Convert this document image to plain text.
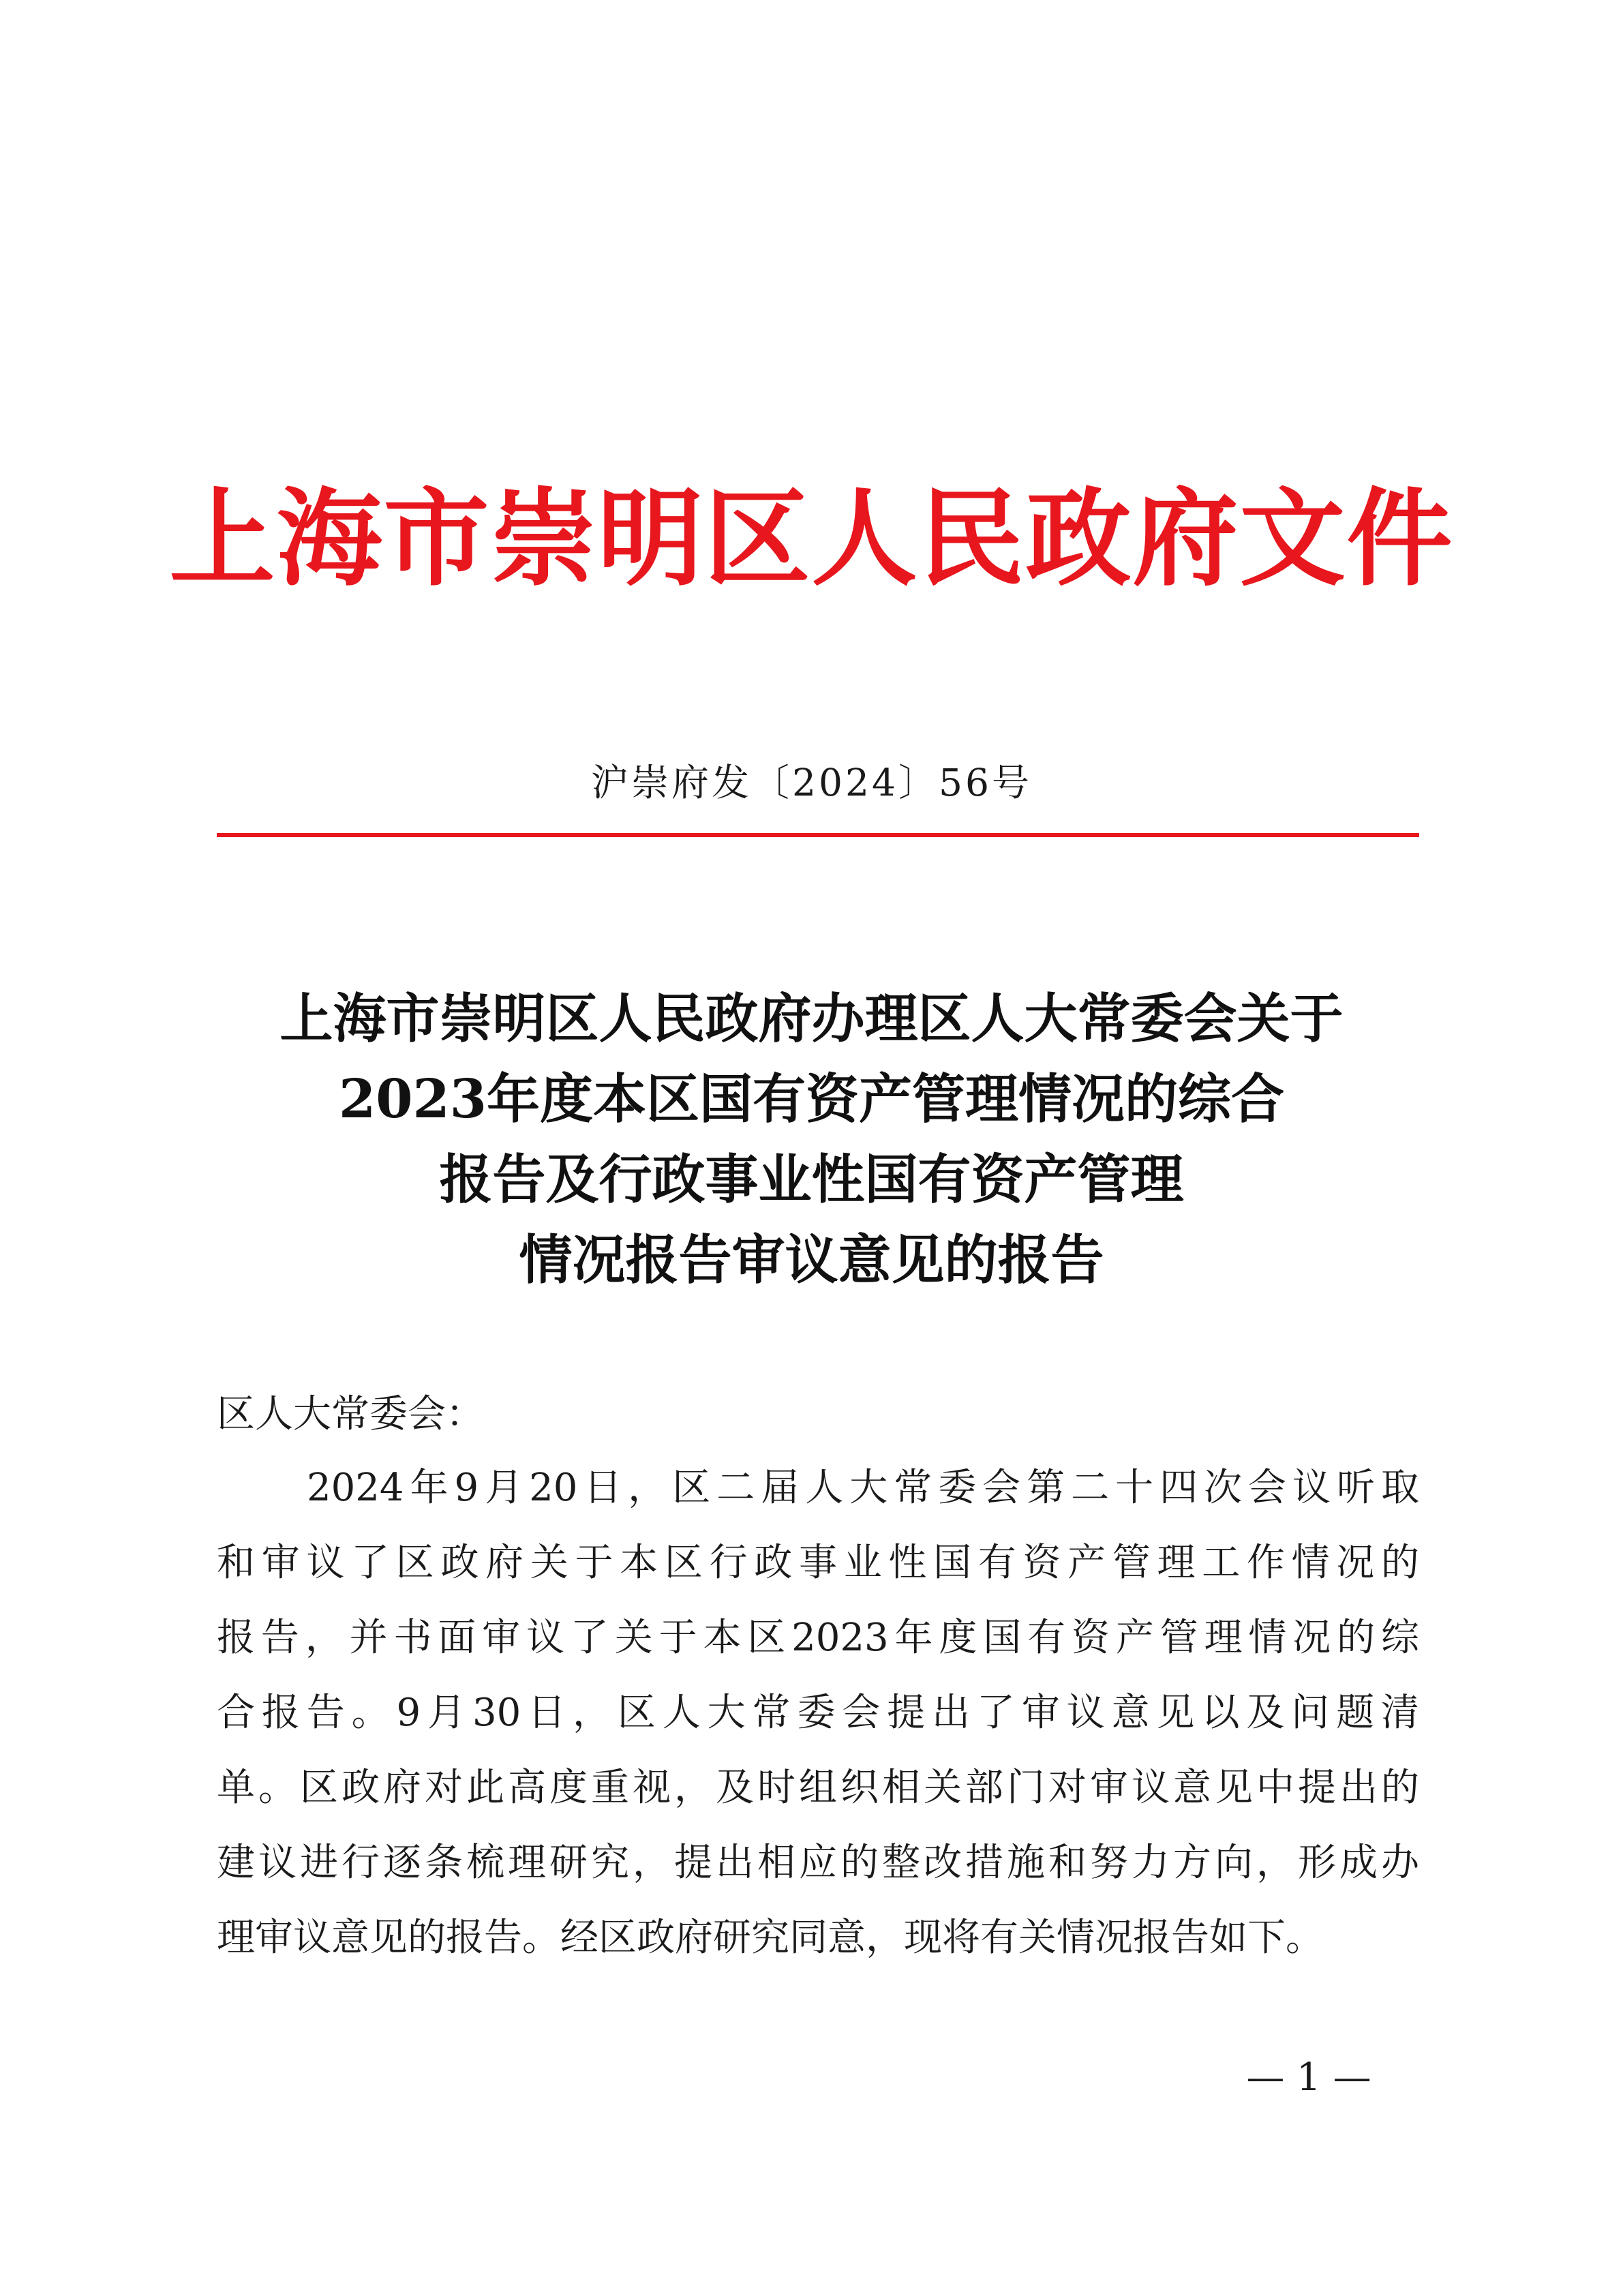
上海市崇明区人民政府文件
沪崇府发〔2024〕56号
上海市崇明区人民政府办理区人大常委会关于
2023年度本区国有资产管理情况的综合
报告及行政事业性国有资产管理
情况报告审议意见的报告
区人大常委会：
2024年9月20日，区二届人大常委会第二十四次会议听取
和审议了区政府关于本区行政事业性国有资产管理工作情况的
报告，并书面审议了关于本区2023年度国有资产管理情况的综
合报告。9月30日，区人大常委会提出了审议意见以及问题清
单。区政府对此高度重视，及时组织相关部门对审议意见中提出的
建议进行逐条梳理研究，提出相应的整改措施和努力方向，形成办
理审议意见的报告。经区政府研究同意，现将有关情况报告如下。
— 1 —
